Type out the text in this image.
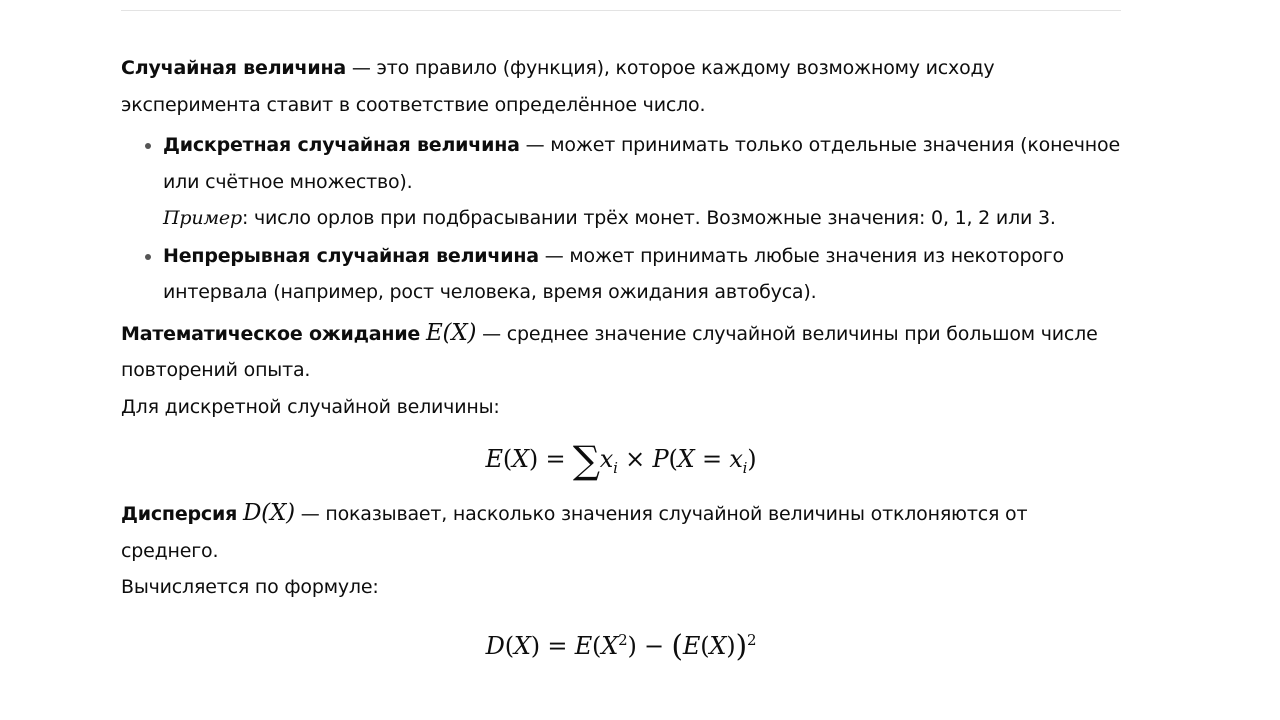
Случайная величина — это правило (функция), которое каждому возможному исходу эксперимента ставит в соответствие определённое число.

• Дискретная случайная величина — может принимать только отдельные значения (конечное или счётное множество).
Пример: число орлов при подбрасывании трёх монет. Возможные значения: 0, 1, 2 или 3.
• Непрерывная случайная величина — может принимать любые значения из некоторого интервала (например, рост человека, время ожидания автобуса).

Математическое ожидание E(X) — среднее значение случайной величины при большом числе повторений опыта.

Для дискретной случайной величины:

$E(X) = \sum x_i \times P(X = x_i)$

Дисперсия D(X) — показывает, насколько значения случайной величины отклоняются от среднего.

Вычисляется по формуле:

$D(X) = E(X^2) - (E(X))^2$
